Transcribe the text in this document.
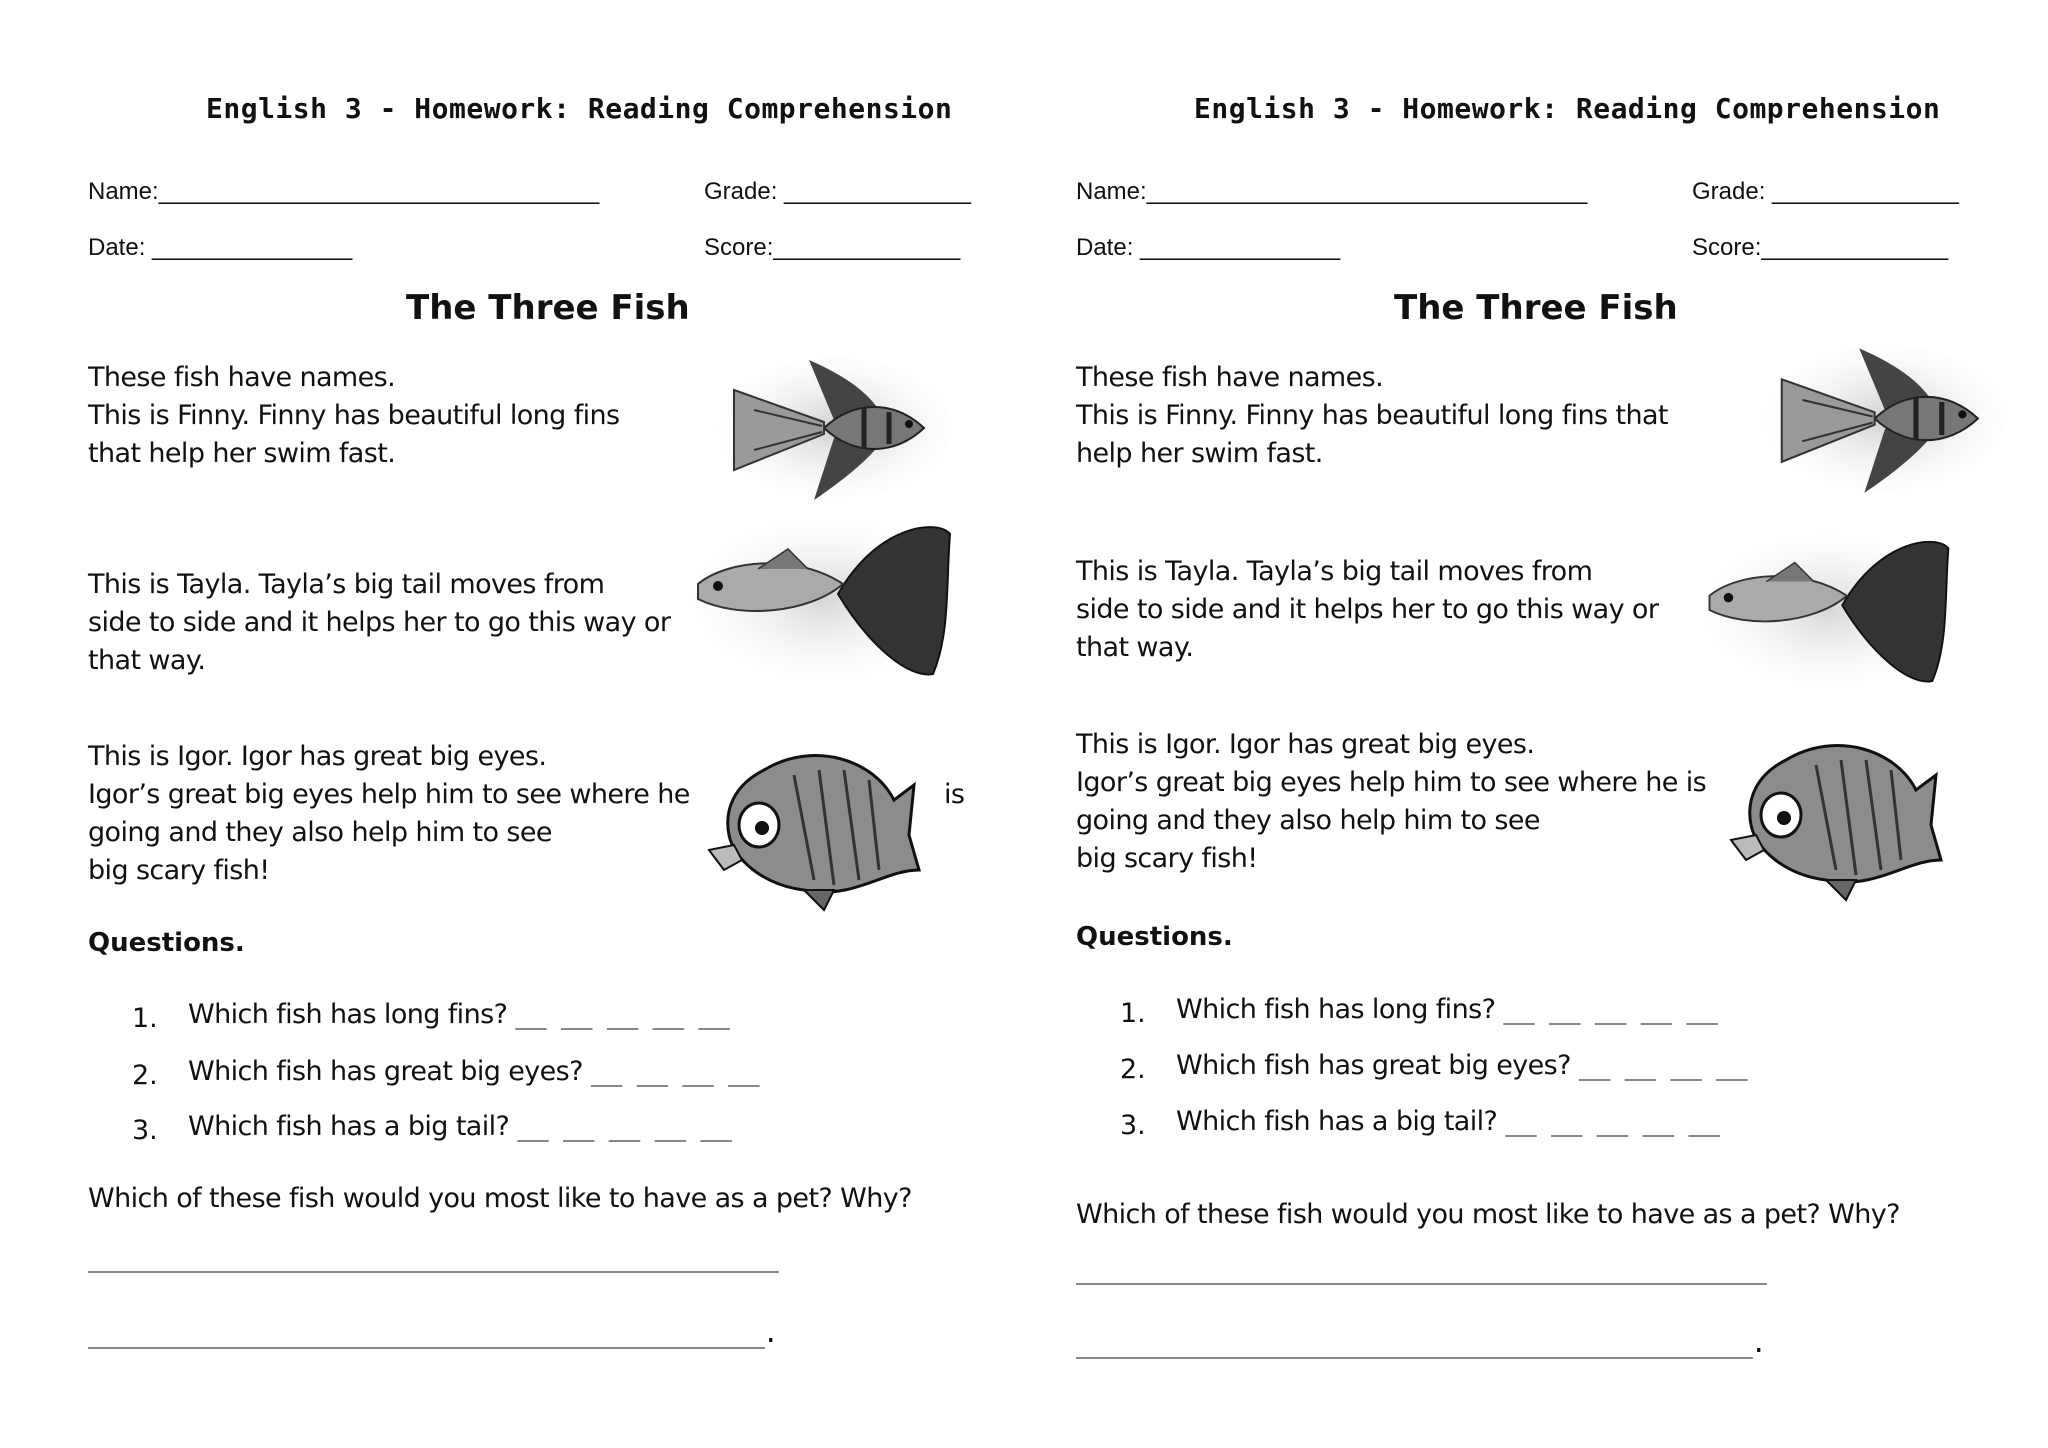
English 3 - Homework: Reading Comprehension
Name:_________________________________	Grade: ______________
Date: _______________	Score:______________
The Three Fish
These fish have names.
This is Finny. Finny has beautiful long fins
that help her swim fast.
This is Tayla. Tayla’s big tail moves from
side to side and it helps her to go this way or
that way.
This is Igor. Igor has great big eyes.
Igor’s great big eyes help him to see where he
going and they also help him to see
big scary fish!
is
Questions.
1. Which fish has long fins? __ __ __ __ __
2. Which fish has great big eyes? __ __ __ __
3. Which fish has a big tail? __ __ __ __ __
Which of these fish would you most like to have as a pet? Why?
_________________________________________________
________________________________________________.
English 3 - Homework: Reading Comprehension
Name:_________________________________	Grade: ______________
Date: _______________	Score:______________
The Three Fish
These fish have names.
This is Finny. Finny has beautiful long fins that
help her swim fast.
This is Tayla. Tayla’s big tail moves from
side to side and it helps her to go this way or
that way.
This is Igor. Igor has great big eyes.
Igor’s great big eyes help him to see where he is
going and they also help him to see
big scary fish!
Questions.
1. Which fish has long fins? __ __ __ __ __
2. Which fish has great big eyes? __ __ __ __
3. Which fish has a big tail? __ __ __ __ __
Which of these fish would you most like to have as a pet? Why?
_________________________________________________
________________________________________________.
